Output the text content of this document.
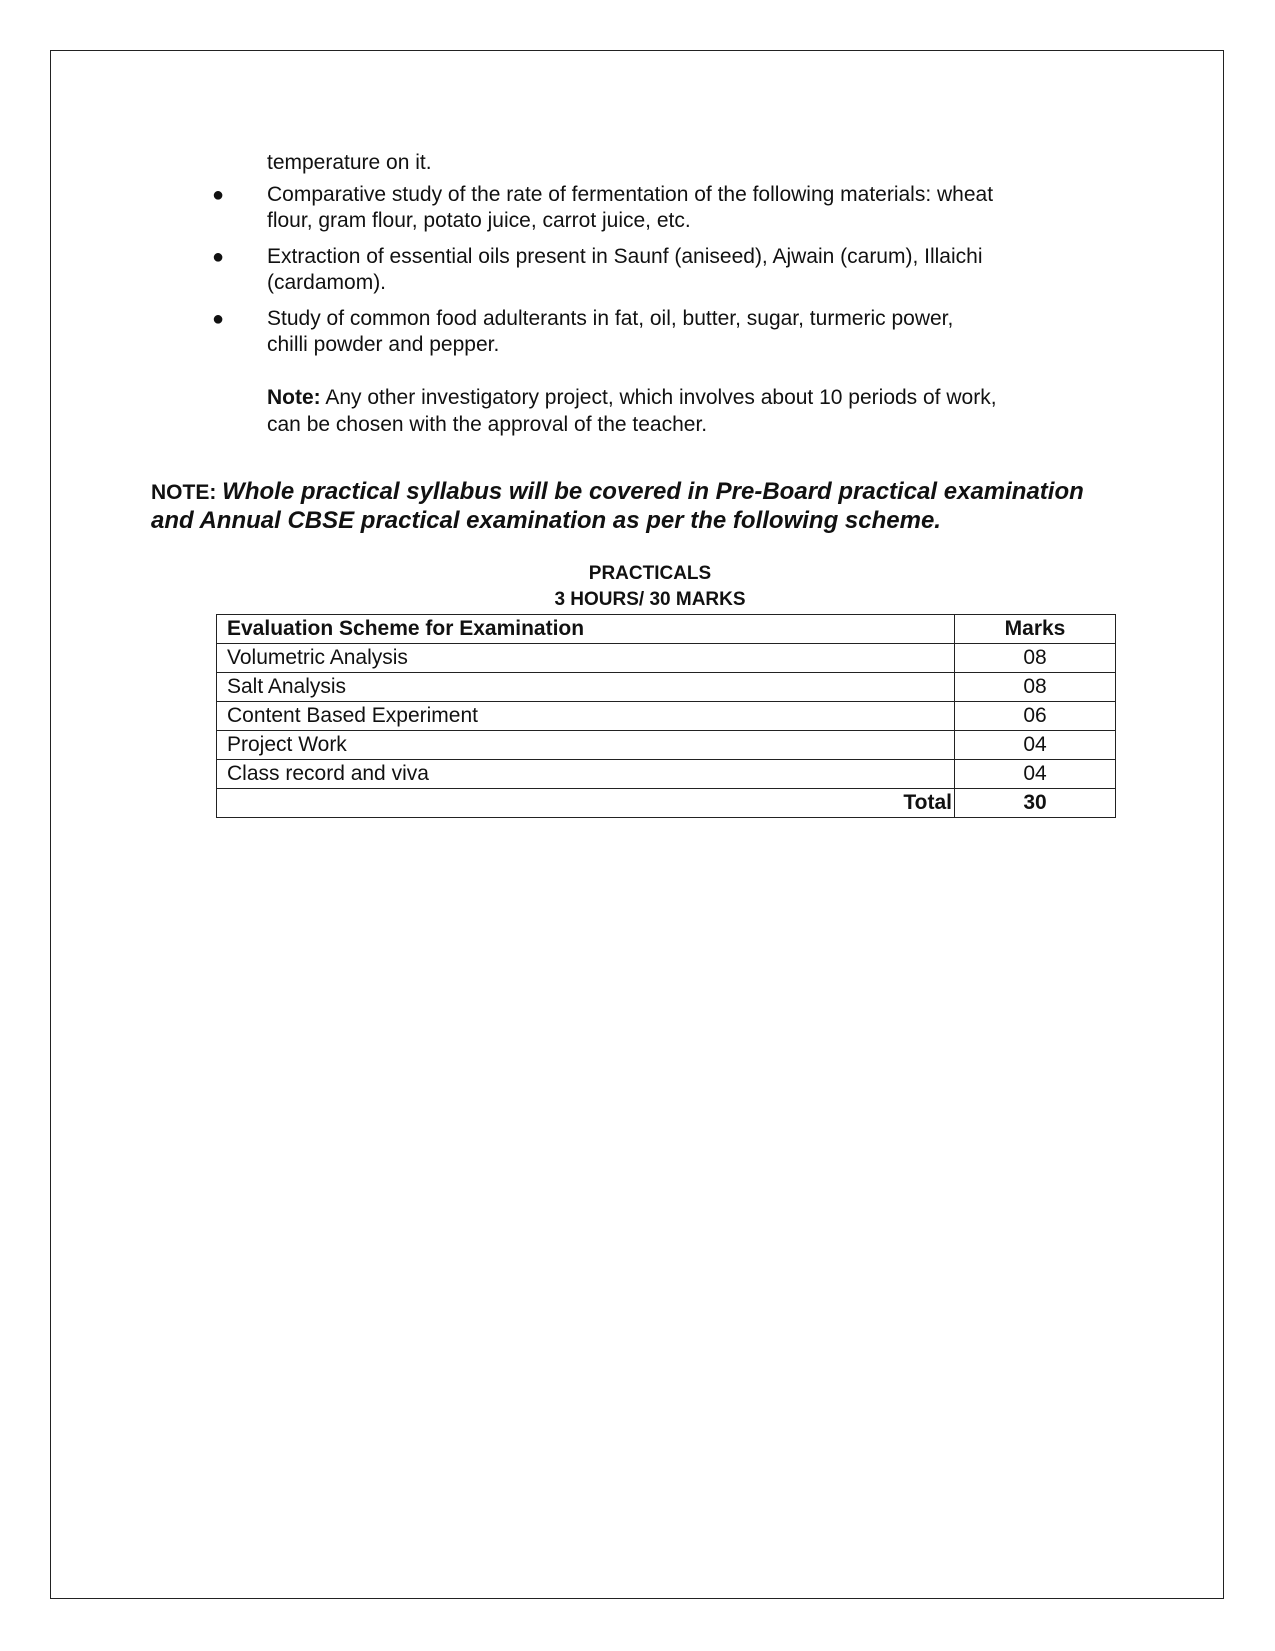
temperature on it.
● Comparative study of the rate of fermentation of the following materials: wheat
flour, gram flour, potato juice, carrot juice, etc.
● Extraction of essential oils present in Saunf (aniseed), Ajwain (carum), Illaichi
(cardamom).
● Study of common food adulterants in fat, oil, butter, sugar, turmeric power,
chilli powder and pepper.
Note: Any other investigatory project, which involves about 10 periods of work,
can be chosen with the approval of the teacher.
NOTE: Whole practical syllabus will be covered in Pre-Board practical examination
and Annual CBSE practical examination as per the following scheme.
PRACTICALS
3 HOURS/ 30 MARKS
Evaluation Scheme for Examination	Marks
Volumetric Analysis	08
Salt Analysis	08
Content Based Experiment	06
Project Work	04
Class record and viva	04
Total	30
